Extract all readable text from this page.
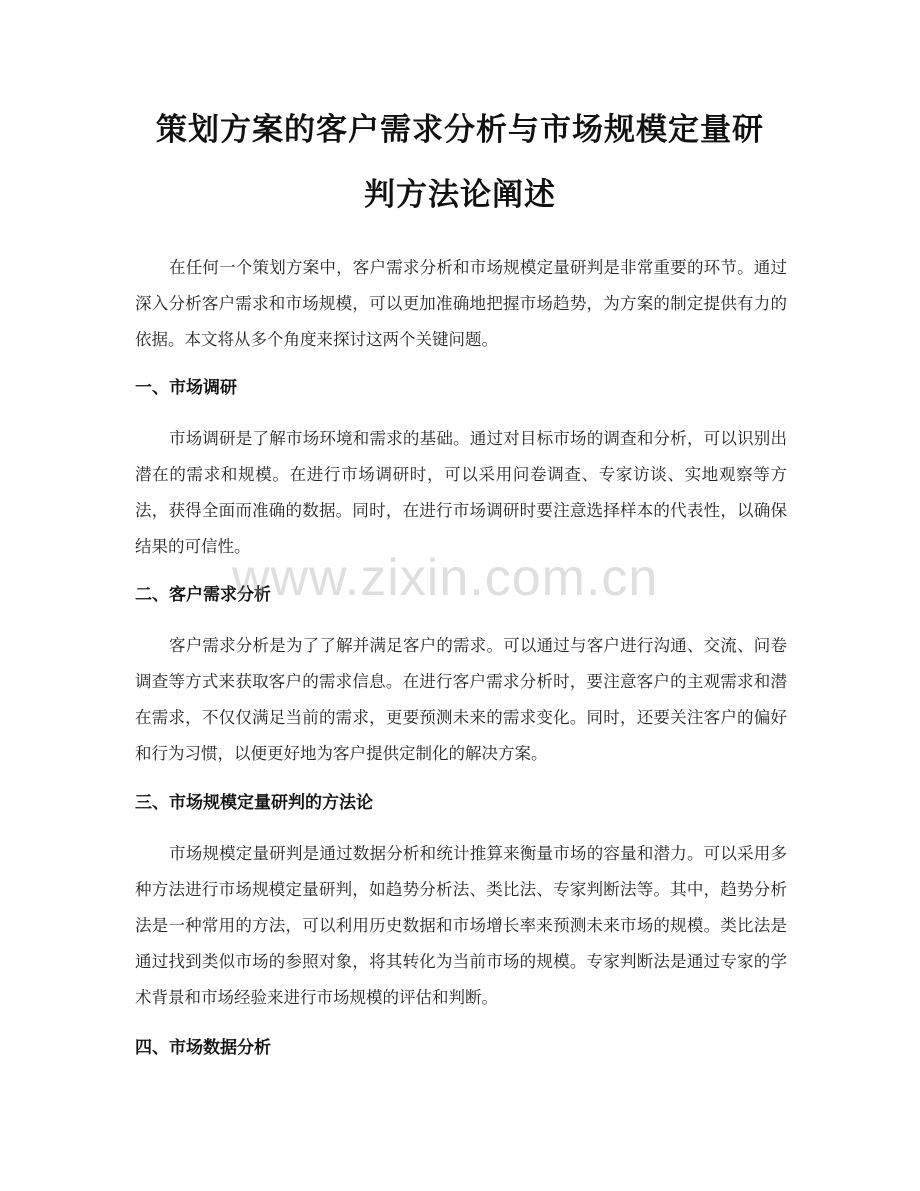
策划方案的客户需求分析与市场规模定量研
判方法论阐述

在任何一个策划方案中，客户需求分析和市场规模定量研判是非常重要的环节。通过深入分析客户需求和市场规模，可以更加准确地把握市场趋势，为方案的制定提供有力的依据。本文将从多个角度来探讨这两个关键问题。

一、市场调研

市场调研是了解市场环境和需求的基础。通过对目标市场的调查和分析，可以识别出潜在的需求和规模。在进行市场调研时，可以采用问卷调查、专家访谈、实地观察等方法，获得全面而准确的数据。同时，在进行市场调研时要注意选择样本的代表性，以确保结果的可信性。

二、客户需求分析

客户需求分析是为了了解并满足客户的需求。可以通过与客户进行沟通、交流、问卷调查等方式来获取客户的需求信息。在进行客户需求分析时，要注意客户的主观需求和潜在需求，不仅仅满足当前的需求，更要预测未来的需求变化。同时，还要关注客户的偏好和行为习惯，以便更好地为客户提供定制化的解决方案。

三、市场规模定量研判的方法论

市场规模定量研判是通过数据分析和统计推算来衡量市场的容量和潜力。可以采用多种方法进行市场规模定量研判，如趋势分析法、类比法、专家判断法等。其中，趋势分析法是一种常用的方法，可以利用历史数据和市场增长率来预测未来市场的规模。类比法是通过找到类似市场的参照对象，将其转化为当前市场的规模。专家判断法是通过专家的学术背景和市场经验来进行市场规模的评估和判断。

四、市场数据分析
www.zixin.com.cn
